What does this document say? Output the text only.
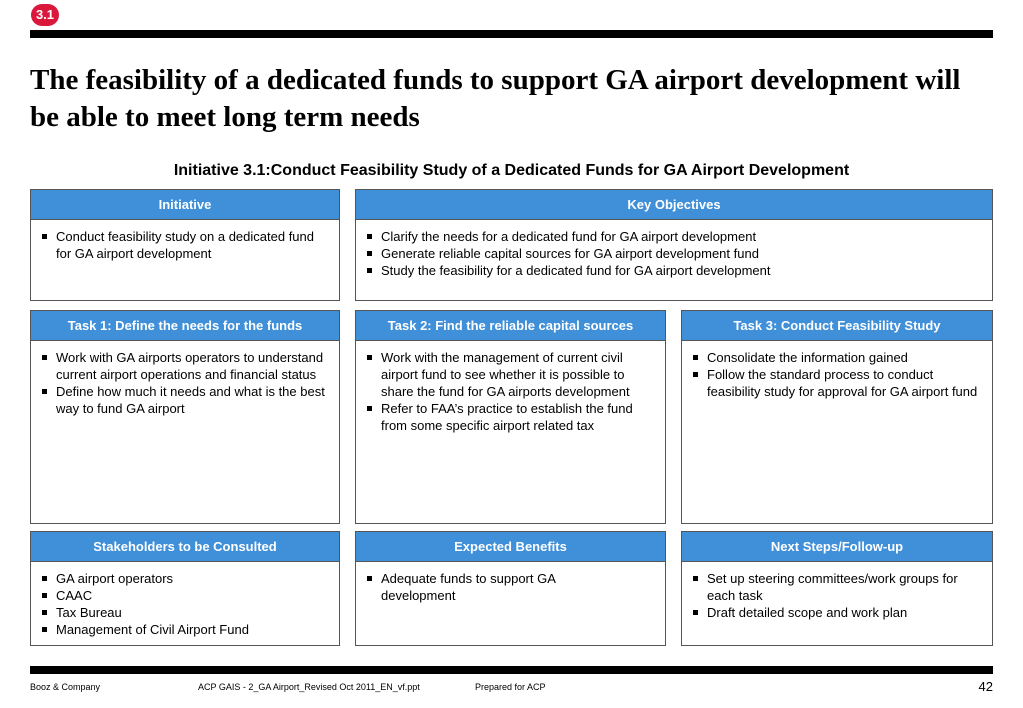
3.1
The feasibility of a dedicated funds to support GA airport development will be able to meet long term needs
Initiative 3.1:Conduct Feasibility Study of a Dedicated Funds for GA Airport Development
Initiative
Conduct feasibility study on a dedicated fund for GA airport development
Key Objectives
Clarify the needs for a dedicated fund for GA airport development
Generate reliable capital sources for GA airport development fund
Study the feasibility for a dedicated fund for GA airport development
Task 1: Define the needs for the funds
Work with GA airports operators to understand current airport operations and financial status
Define how much it needs and what is the best way to fund GA airport
Task 2: Find the reliable capital sources
Work with the management of current civil airport fund to see whether it is possible to share the fund for GA airports development
Refer to FAA’s practice to establish the fund from some specific airport related tax
Task 3: Conduct Feasibility Study
Consolidate the information gained
Follow the standard process to conduct feasibility study for approval for GA airport fund
Stakeholders to be Consulted
GA airport operators
CAAC
Tax Bureau
Management of Civil Airport Fund
Expected Benefits
Adequate funds to support GA development
Next Steps/Follow-up
Set up steering committees/work groups for each task
Draft detailed scope and work plan
Booz & Company	ACP GAIS - 2_GA Airport_Revised Oct 2011_EN_vf.ppt	Prepared for ACP	42
